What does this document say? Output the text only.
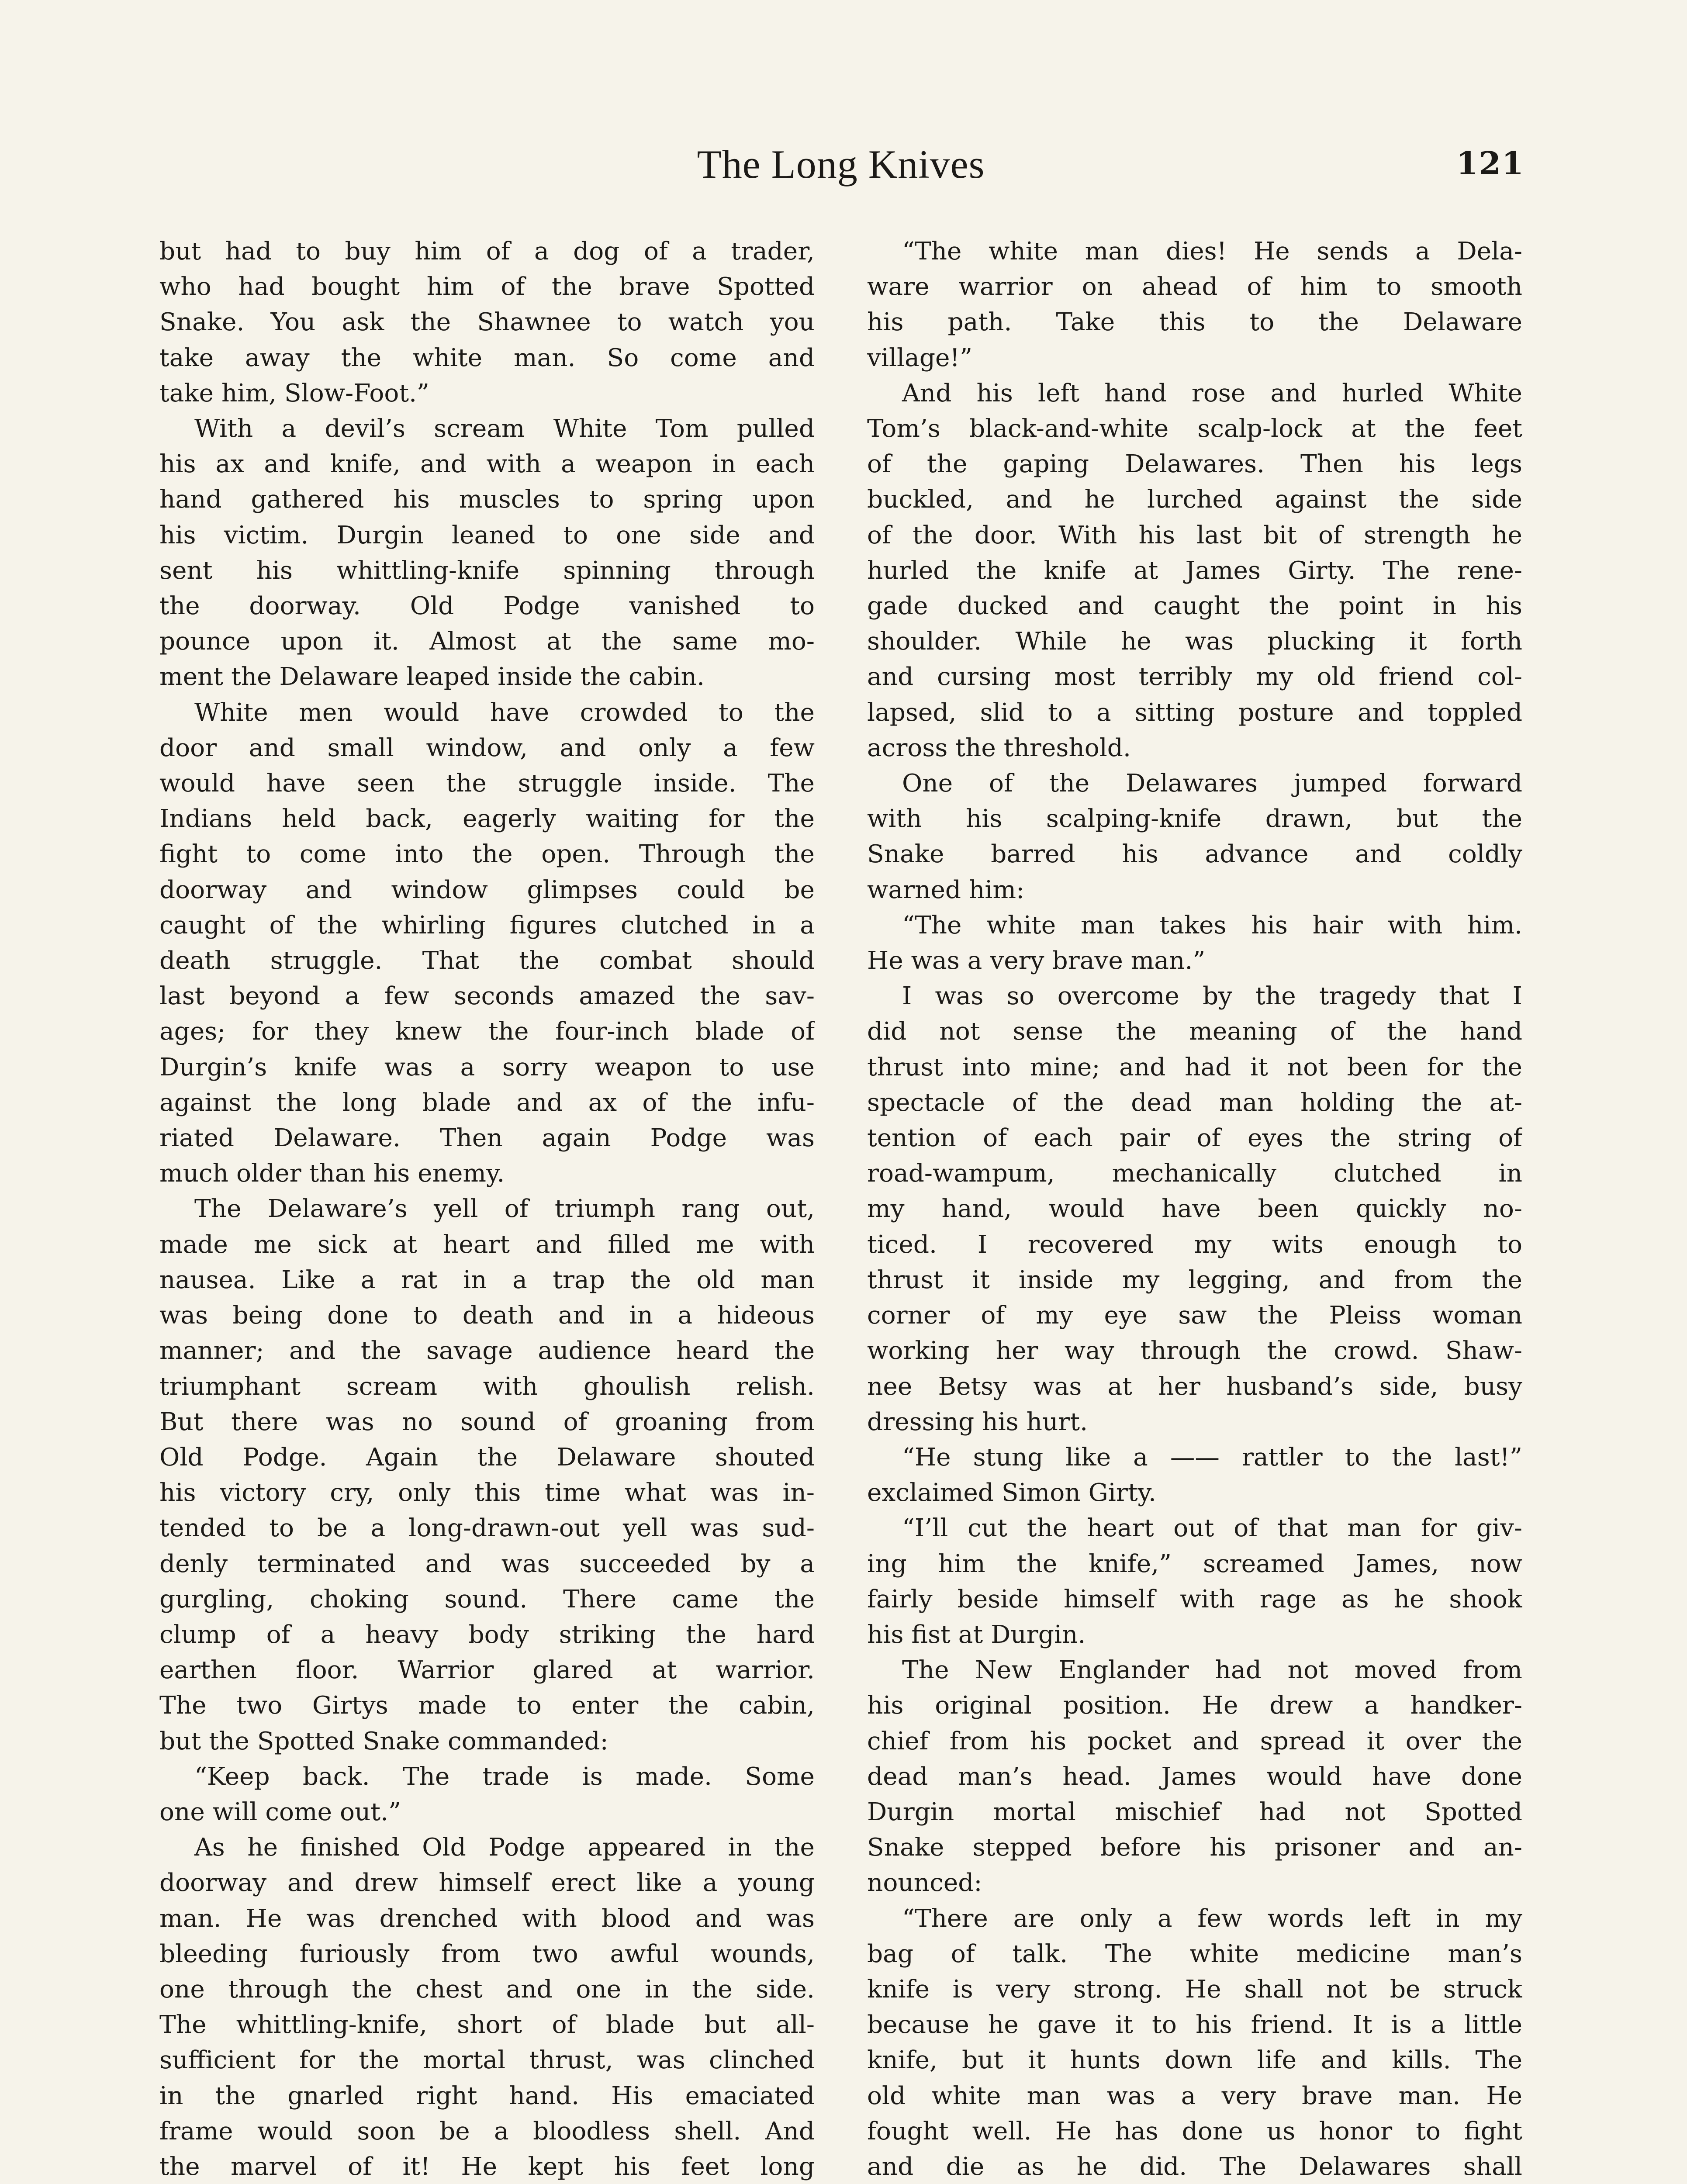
The Long Knives	121
but had to buy him of a dog of a trader,
who had bought him of the brave Spotted
Snake. You ask the Shawnee to watch you
take away the white man. So come and
take him, Slow-Foot.”
With a devil’s scream White Tom pulled
his ax and knife, and with a weapon in each
hand gathered his muscles to spring upon
his victim. Durgin leaned to one side and
sent his whittling-knife spinning through
the doorway. Old Podge vanished to
pounce upon it. Almost at the same mo-
ment the Delaware leaped inside the cabin.
White men would have crowded to the
door and small window, and only a few
would have seen the struggle inside. The
Indians held back, eagerly waiting for the
fight to come into the open. Through the
doorway and window glimpses could be
caught of the whirling figures clutched in a
death struggle. That the combat should
last beyond a few seconds amazed the sav-
ages; for they knew the four-inch blade of
Durgin’s knife was a sorry weapon to use
against the long blade and ax of the infu-
riated Delaware. Then again Podge was
much older than his enemy.
The Delaware’s yell of triumph rang out,
made me sick at heart and filled me with
nausea. Like a rat in a trap the old man
was being done to death and in a hideous
manner; and the savage audience heard the
triumphant scream with ghoulish relish.
But there was no sound of groaning from
Old Podge. Again the Delaware shouted
his victory cry, only this time what was in-
tended to be a long-drawn-out yell was sud-
denly terminated and was succeeded by a
gurgling, choking sound. There came the
clump of a heavy body striking the hard
earthen floor. Warrior glared at warrior.
The two Girtys made to enter the cabin,
but the Spotted Snake commanded:
“Keep back. The trade is made. Some
one will come out.”
As he finished Old Podge appeared in the
doorway and drew himself erect like a young
man. He was drenched with blood and was
bleeding furiously from two awful wounds,
one through the chest and one in the side.
The whittling-knife, short of blade but all-
sufficient for the mortal thrust, was clinched
in the gnarled right hand. His emaciated
frame would soon be a bloodless shell. And
the marvel of it! He kept his feet long
“The white man dies! He sends a Dela-
ware warrior on ahead of him to smooth
his path. Take this to the Delaware
village!”
And his left hand rose and hurled White
Tom’s black-and-white scalp-lock at the feet
of the gaping Delawares. Then his legs
buckled, and he lurched against the side
of the door. With his last bit of strength he
hurled the knife at James Girty. The rene-
gade ducked and caught the point in his
shoulder. While he was plucking it forth
and cursing most terribly my old friend col-
lapsed, slid to a sitting posture and toppled
across the threshold.
One of the Delawares jumped forward
with his scalping-knife drawn, but the
Snake barred his advance and coldly
warned him:
“The white man takes his hair with him.
He was a very brave man.”
I was so overcome by the tragedy that I
did not sense the meaning of the hand
thrust into mine; and had it not been for the
spectacle of the dead man holding the at-
tention of each pair of eyes the string of
road-wampum, mechanically clutched in
my hand, would have been quickly no-
ticed. I recovered my wits enough to
thrust it inside my legging, and from the
corner of my eye saw the Pleiss woman
working her way through the crowd. Shaw-
nee Betsy was at her husband’s side, busy
dressing his hurt.
“He stung like a —— rattler to the last!”
exclaimed Simon Girty.
“I’ll cut the heart out of that man for giv-
ing him the knife,” screamed James, now
fairly beside himself with rage as he shook
his fist at Durgin.
The New Englander had not moved from
his original position. He drew a handker-
chief from his pocket and spread it over the
dead man’s head. James would have done
Durgin mortal mischief had not Spotted
Snake stepped before his prisoner and an-
nounced:
“There are only a few words left in my
bag of talk. The white medicine man’s
knife is very strong. He shall not be struck
because he gave it to his friend. It is a little
knife, but it hunts down life and kills. The
old white man was a very brave man. He
fought well. He has done us honor to fight
and die as he did. The Delawares shall
